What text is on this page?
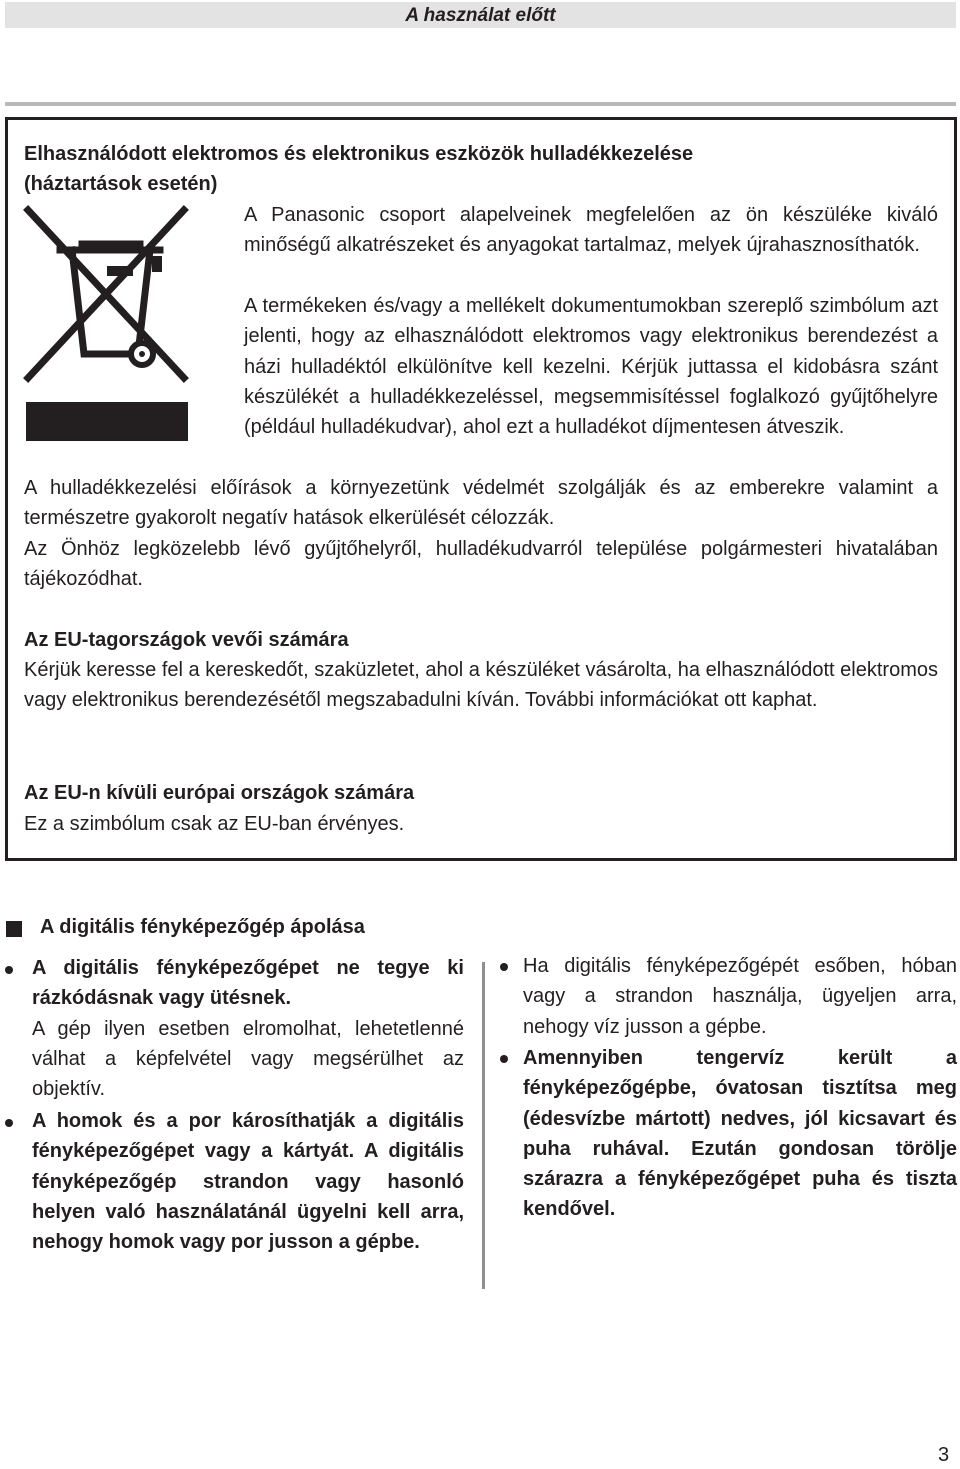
A használat előtt
Elhasználódott elektromos és elektronikus eszközök hulladékkezelése
(háztartások esetén)
A Panasonic csoport alapelveinek megfelelően az ön készüléke kiváló minőségű alkatrészeket és anyagokat tartalmaz, melyek újrahasznosíthatók.
A termékeken és/vagy a mellékelt dokumentumokban szereplő szimbólum azt jelenti, hogy az elhasználódott elektromos vagy elektronikus berendezést a házi hulladéktól elkülönítve kell kezelni. Kérjük juttassa el kidobásra szánt készülékét a hulladékkezeléssel, megsemmisítéssel foglalkozó gyűjtőhelyre (például hulladékudvar), ahol ezt a hulladékot díjmentesen átveszik.
A hulladékkezelési előírások a környezetünk védelmét szolgálják és az emberekre valamint a természetre gyakorolt negatív hatások elkerülését célozzák.
Az Önhöz legközelebb lévő gyűjtőhelyről, hulladékudvarról települése polgármesteri hivatalában tájékozódhat.
Az EU-tagországok vevői számára
Kérjük keresse fel a kereskedőt, szaküzletet, ahol a készüléket vásárolta, ha elhasználódott elektromos vagy elektronikus berendezésétől megszabadulni kíván. További információkat ott kaphat.
Az EU-n kívüli európai országok számára
Ez a szimbólum csak az EU-ban érvényes.
A digitális fényképezőgép ápolása
A digitális fényképezőgépet ne tegye ki rázkódásnak vagy ütésnek.
A gép ilyen esetben elromolhat, lehetetlenné válhat a képfelvétel vagy megsérülhet az objektív.
A homok és a por károsíthatják a digitális fényképezőgépet vagy a kártyát. A digitális fényképezőgép strandon vagy hasonló helyen való használatánál ügyelni kell arra, nehogy homok vagy por jusson a gépbe.
Ha digitális fényképezőgépét esőben, hóban vagy a strandon használja, ügyeljen arra, nehogy víz jusson a gépbe.
Amennyiben tengervíz került a fényképezőgépbe, óvatosan tisztítsa meg (édesvízbe mártott) nedves, jól kicsavart és puha ruhával. Ezután gondosan törölje szárazra a fényképezőgépet puha és tiszta kendővel.
3
